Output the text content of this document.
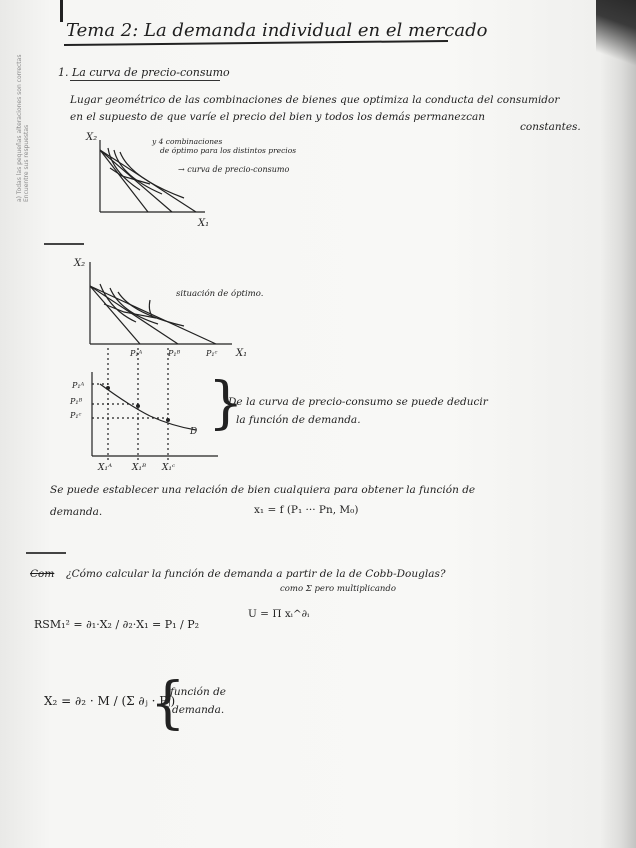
a) Todas las pequeñas alteraciones son correctas Encuentre sus respuestas
Tema 2: La demanda individual en el mercado
1. La curva de precio-consumo
Lugar geométrico de las combinaciones de bienes que optimiza la conducta del consumidor
en el supuesto de que varíe el precio del bien y todos los demás permanezcan
constantes.
X₂
X₁
y 4 combinaciones
de óptimo para los distintos precios
→ curva de precio-consumo
X₂
X₁
situación de óptimo.
P₁ᴬ	P₁ᴮ	P₁ᶜ
P₁ᴬ
P₁ᴮ
P₁ᶜ
X₁ᴬ X₁ᴮ X₁ᶜ
D }
De la curva de precio-consumo se puede deducir
la función de demanda.
Se puede establecer una relación de bien cualquiera para obtener la función de
demanda.	x₁ = f (P₁ ··· Pn, M₀)
Com ¿Cómo calcular la función de demanda a partir de la de Cobb-Douglas?
RSM₁² = ∂₁·X₂ / ∂₂·X₁ = P₁ / P₂
U = Π xᵢ^∂ᵢ
como Σ pero multiplicando
X₂ = ∂₂ · M / (Σ ∂ⱼ · Pⱼ)
{
función de
demanda.
